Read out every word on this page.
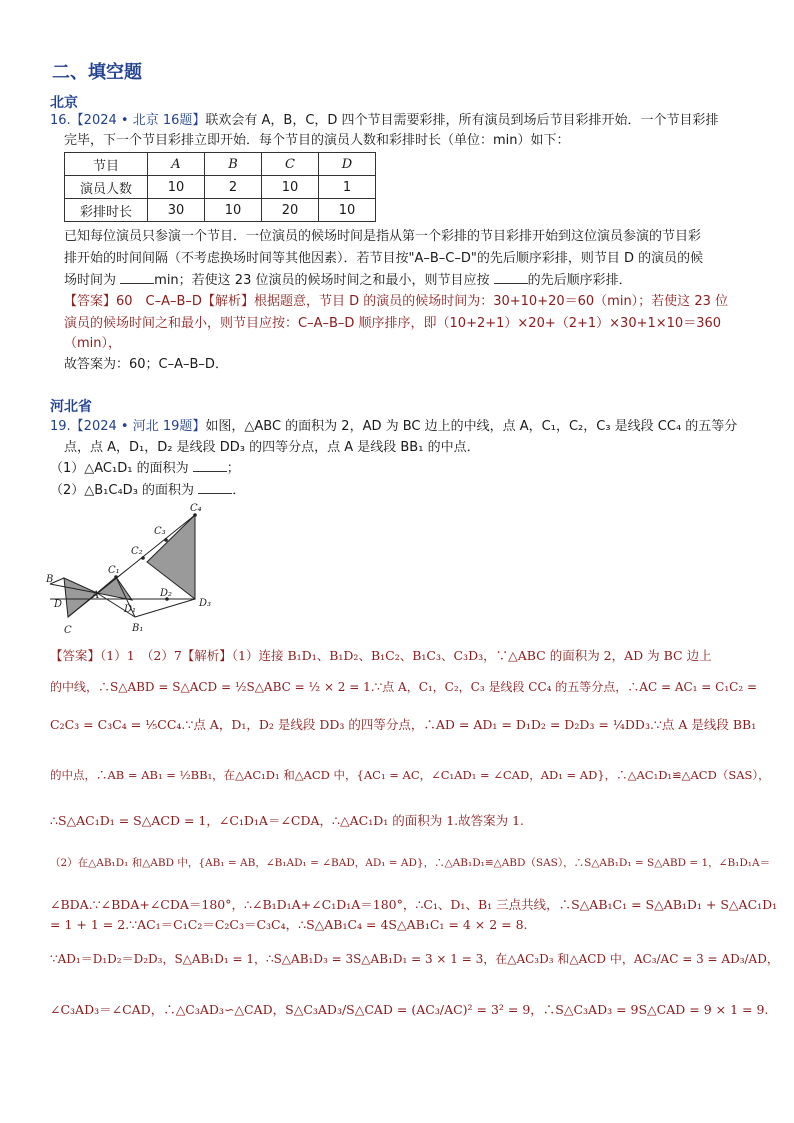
二、填空题
北京
16.【2024 • 北京 16题】联欢会有 A，B，C，D 四个节目需要彩排，所有演员到场后节目彩排开始．一个节目彩排
完毕，下一个节目彩排立即开始．每个节目的演员人数和彩排时长（单位：min）如下：
节目	A	B	C	D
演员人数	10	2	10	1
彩排时长	30	10	20	10
已知每位演员只参演一个节目．一位演员的候场时间是指从第一个彩排的节目彩排开始到这位演员参演的节目彩
排开始的时间间隔（不考虑换场时间等其他因素）．若节目按"A–B–C–D"的先后顺序彩排，则节目 D 的演员的候
场时间为	min；若使这 23 位演员的候场时间之和最小，则节目应按	的先后顺序彩排．
【答案】60　C–A–B–D【解析】根据题意，节目 D 的演员的候场时间为：30+10+20＝60（min）；若使这 23 位
演员的候场时间之和最小，则节目应按：C–A–B–D 顺序排序，即（10+2+1）×20+（2+1）×30+1×10＝360
（min），
故答案为：60；C–A–B–D．
河北省
19.【2024 • 河北 19题】如图，△ABC 的面积为 2，AD 为 BC 边上的中线，点 A，C₁，C₂，C₃ 是线段 CC₄ 的五等分
点，点 A，D₁，D₂ 是线段 DD₃ 的四等分点，点 A 是线段 BB₁ 的中点．
（1）△AC₁D₁ 的面积为	；
（2）△B₁C₄D₃ 的面积为	．
C₄
C₃
C₂
C₁
B
D
A
D₁
D₂
D₃
C	B₁
【答案】（1）1　（2）7【解析】（1）连接 B₁D₁、B₁D₂、B₁C₂、B₁C₃、C₃D₃，∵△ABC 的面积为 2，AD 为 BC 边上
的中线，∴S△ABD = S△ACD = ½S△ABC = ½ × 2 = 1.∵点 A，C₁，C₂，C₃ 是线段 CC₄ 的五等分点，∴AC = AC₁ = C₁C₂ =
C₂C₃ = C₃C₄ = ⅕CC₄.∵点 A，D₁，D₂ 是线段 DD₃ 的四等分点，∴AD = AD₁ = D₁D₂ = D₂D₃ = ¼DD₃.∵点 A 是线段 BB₁
的中点，∴AB = AB₁ = ½BB₁，在△AC₁D₁ 和△ACD 中，{AC₁ = AC，∠C₁AD₁ = ∠CAD，AD₁ = AD}，∴△AC₁D₁≌△ACD（SAS），
∴S△AC₁D₁ = S△ACD = 1，∠C₁D₁A＝∠CDA，∴△AC₁D₁ 的面积为 1.故答案为 1.
（2）在△AB₁D₁ 和△ABD 中，{AB₁ = AB，∠B₁AD₁ = ∠BAD，AD₁ = AD}，∴△AB₁D₁≌△ABD（SAS），∴S△AB₁D₁ = S△ABD = 1，∠B₁D₁A＝
∠BDA.∵∠BDA+∠CDA＝180°，∴∠B₁D₁A+∠C₁D₁A＝180°，∴C₁、D₁、B₁ 三点共线，∴S△AB₁C₁ = S△AB₁D₁ + S△AC₁D₁
= 1 + 1 = 2.∵AC₁＝C₁C₂＝C₂C₃＝C₃C₄，∴S△AB₁C₄ = 4S△AB₁C₁ = 4 × 2 = 8.
∵AD₁＝D₁D₂＝D₂D₃，S△AB₁D₁ = 1，∴S△AB₁D₃ = 3S△AB₁D₁ = 3 × 1 = 3，在△AC₃D₃ 和△ACD 中，AC₃/AC = 3 = AD₃/AD，
∠C₃AD₃＝∠CAD，∴△C₃AD₃∽△CAD，S△C₃AD₃/S△CAD = (AC₃/AC)² = 3² = 9，∴S△C₃AD₃ = 9S△CAD = 9 × 1 = 9.
